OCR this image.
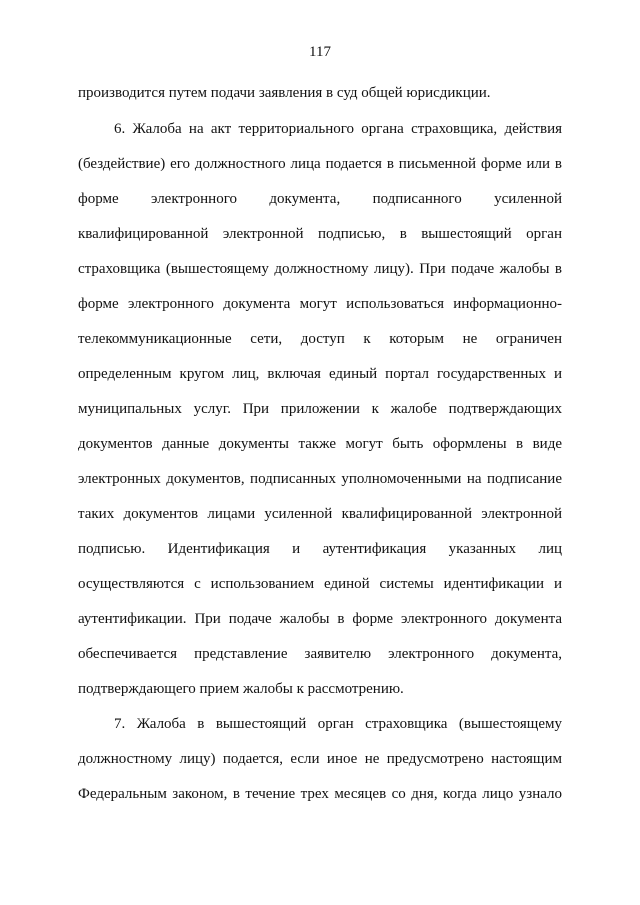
117
производится путем подачи заявления в суд общей юрисдикции.
6. Жалоба на акт территориального органа страховщика, действия
(бездействие) его должностного лица подается в письменной форме или в
форме электронного документа, подписанного усиленной
квалифицированной электронной подписью, в вышестоящий орган
страховщика (вышестоящему должностному лицу). При подаче жалобы в
форме электронного документа могут использоваться информационно-
телекоммуникационные сети, доступ к которым не ограничен
определенным кругом лиц, включая единый портал государственных и
муниципальных услуг. При приложении к жалобе подтверждающих
документов данные документы также могут быть оформлены в виде
электронных документов, подписанных уполномоченными на подписание
таких документов лицами усиленной квалифицированной электронной
подписью. Идентификация и аутентификация указанных лиц
осуществляются с использованием единой системы идентификации и
аутентификации. При подаче жалобы в форме электронного документа
обеспечивается представление заявителю электронного документа,
подтверждающего прием жалобы к рассмотрению.
7. Жалоба в вышестоящий орган страховщика (вышестоящему
должностному лицу) подается, если иное не предусмотрено настоящим
Федеральным законом, в течение трех месяцев со дня, когда лицо узнало
